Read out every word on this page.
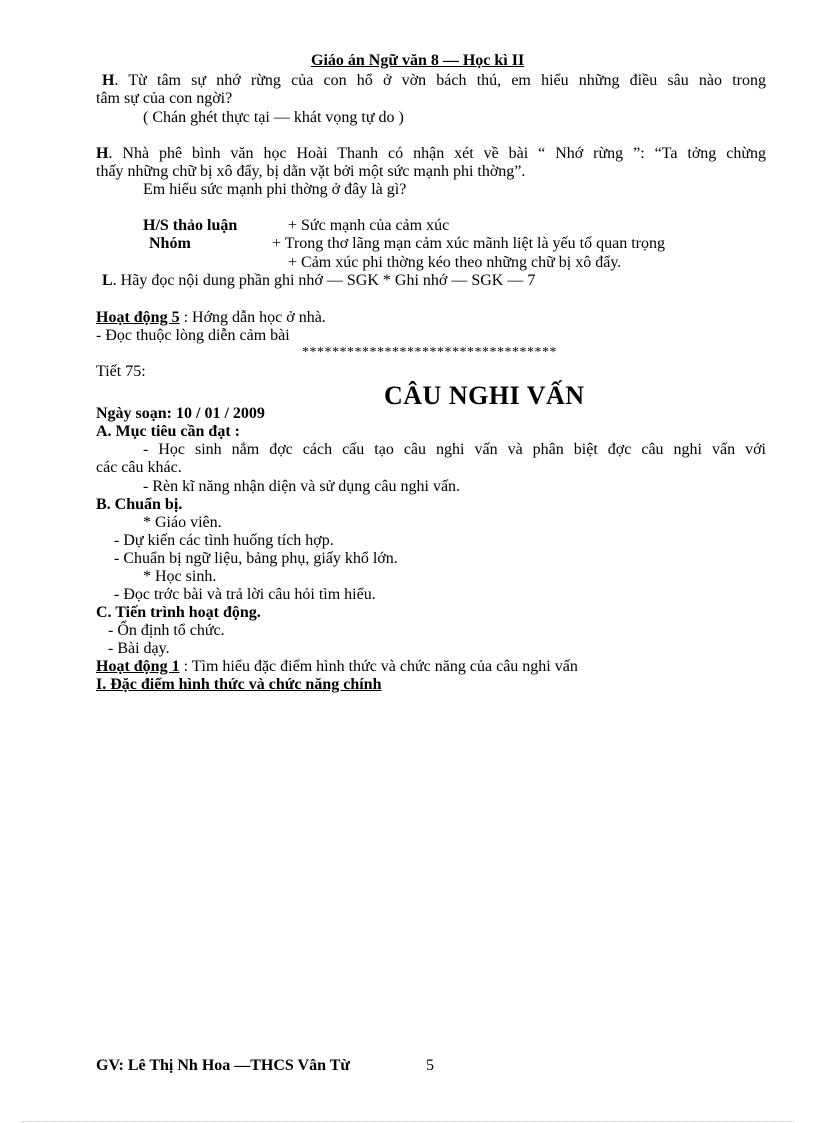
Giáo án Ngữ văn 8 — Học kì II
H. Từ tâm sự nhớ rừng của con hổ ở vờn bách thú, em hiểu những điều sâu nào trong
tâm sự của con ngời?
( Chán ghét thực tại — khát vọng tự do )
H. Nhà phê bình văn học Hoài Thanh có nhận xét về bài “ Nhớ rừng ”: “Ta tởng chừng
thấy những chữ bị xô đẩy, bị dằn vặt bởi một sức mạnh phi thờng”.
Em hiểu sức mạnh phi thờng ở đây là gì?
H/S thảo luận
Nhóm
+ Sức mạnh của cảm xúc
+ Trong thơ lãng mạn cảm xúc mãnh liệt là yếu tố quan trọng
+ Cảm xúc phi thờng kéo theo những chữ bị xô đẩy.
L. Hãy đọc nội dung phần ghi nhớ — SGK * Ghi nhớ — SGK — 7
Hoạt động 5 : Hớng dẫn học ở nhà.
- Đọc thuộc lòng diễn cảm bài
**********************************
Tiết 75:
CÂU NGHI VẤN
Ngày soạn: 10 / 01 / 2009
A. Mục tiêu cần đạt :
- Học sinh nắm đợc cách cấu tạo câu nghi vấn và phân biệt đợc câu nghi vấn với
các câu khác.
- Rèn kĩ năng nhận diện và sử dụng câu nghi vấn.
B. Chuẩn bị.
* Giáo viên.
- Dự kiến các tình huống tích hợp.
- Chuẩn bị ngữ liệu, bảng phụ, giấy khổ lớn.
* Học sinh.
- Đọc trớc bài và trả lời câu hỏi tìm hiểu.
C. Tiến trình hoạt động.
- Ổn định tổ chức.
- Bài dạy.
Hoạt động 1 : Tìm hiểu đặc điểm hình thức và chức năng của câu nghi vấn
I. Đặc điểm hình thức và chức năng chính
GV: Lê Thị Nh Hoa —THCS Vân Từ	5
